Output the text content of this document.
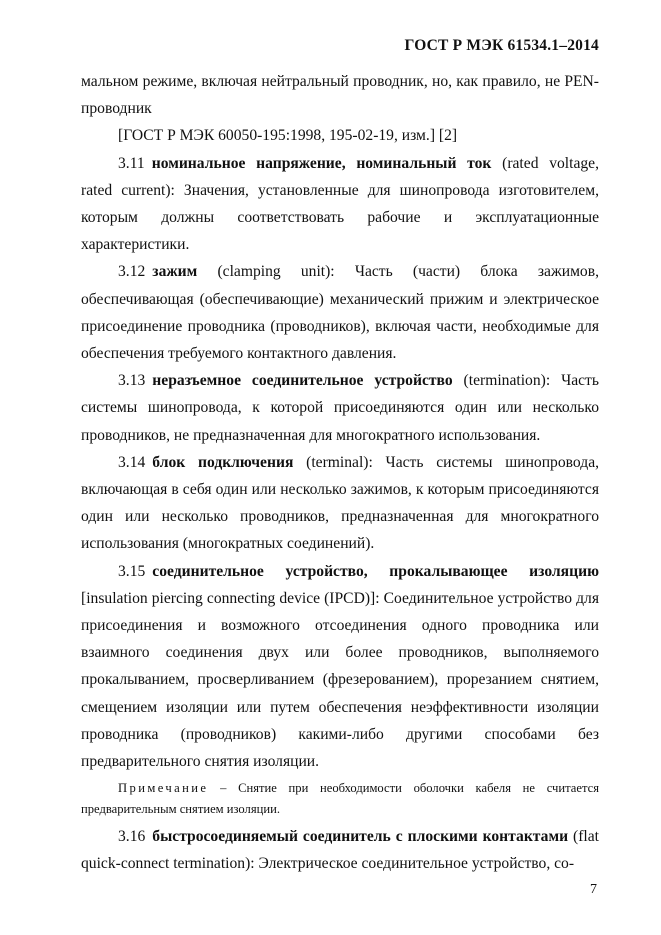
ГОСТ Р МЭК 61534.1–2014

мальном режиме, включая нейтральный проводник, но, как правило, не PEN-проводник

[ГОСТ Р МЭК 60050-195:1998, 195-02-19, изм.] [2]

3.11 номинальное напряжение, номинальный ток (rated voltage, rated current): Значения, установленные для шинопровода изготовителем, которым должны соответствовать рабочие и эксплуатационные характеристики.

3.12 зажим (clamping unit): Часть (части) блока зажимов, обеспечивающая (обеспечивающие) механический прижим и электрическое присоединение проводника (проводников), включая части, необходимые для обеспечения требуемого контактного давления.

3.13 неразъемное соединительное устройство (termination): Часть системы шинопровода, к которой присоединяются один или несколько проводников, не предназначенная для многократного использования.

3.14 блок подключения (terminal): Часть системы шинопровода, включающая в себя один или несколько зажимов, к которым присоединяются один или несколько проводников, предназначенная для многократного использования (многократных соединений).

3.15 соединительное устройство, прокалывающее изоляцию [insulation piercing connecting device (IPCD)]: Соединительное устройство для присоединения и возможного отсоединения одного проводника или взаимного соединения двух или более проводников, выполняемого прокалыванием, просверливанием (фрезерованием), прорезанием снятием, смещением изоляции или путем обеспечения неэффективности изоляции проводника (проводников) какими-либо другими способами без предварительного снятия изоляции.

Примечание – Снятие при необходимости оболочки кабеля не считается предварительным снятием изоляции.

3.16 быстросоединяемый соединитель с плоскими контактами (flat quick-connect termination): Электрическое соединительное устройство, со-

7
